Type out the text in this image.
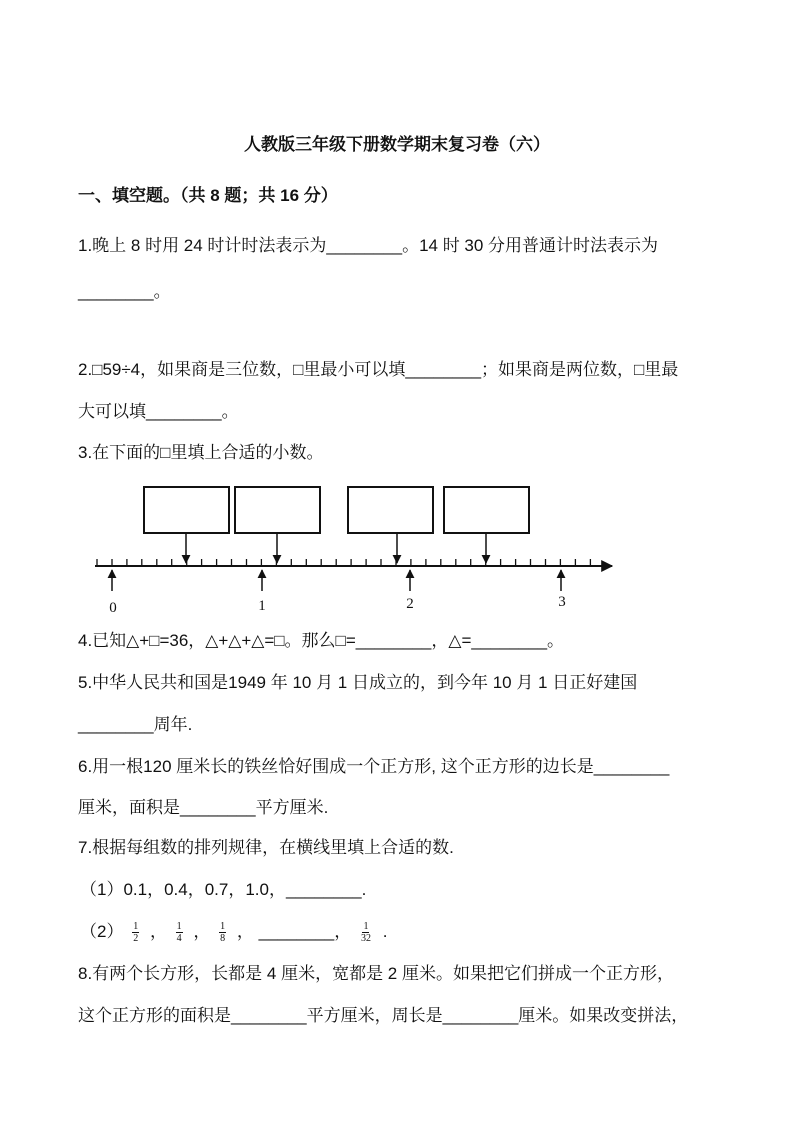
人教版三年级下册数学期末复习卷（六）
一、填空题。（共 8 题；共 16 分）
1.晚上 8 时用 24 时计时法表示为________。14 时 30 分用普通计时法表示为
________。
2.□59÷4，如果商是三位数，□里最小可以填________；如果商是两位数，□里最
大可以填________。
3.在下面的□里填上合适的小数。
0	1	2	3
4.已知△+□=36，△+△+△=□。那么□=________，△=________。
5.中华人民共和国是1949 年 10 月 1 日成立的，到今年 10 月 1 日正好建国
________周年.
6.用一根120 厘米长的铁丝恰好围成一个正方形, 这个正方形的边长是________
厘米，面积是________平方厘米.
7.根据每组数的排列规律，在横线里填上合适的数.
（1）0.1，0.4，0.7，1.0，________.
$(2) \frac{1}{2}$ ， $\frac{1}{4}$ ， $\frac{1}{8}$ ， ________， $\frac{1}{32}$ .
8.有两个长方形，长都是 4 厘米，宽都是 2 厘米。如果把它们拼成一个正方形，
这个正方形的面积是________平方厘米，周长是________厘米。如果改变拼法，
